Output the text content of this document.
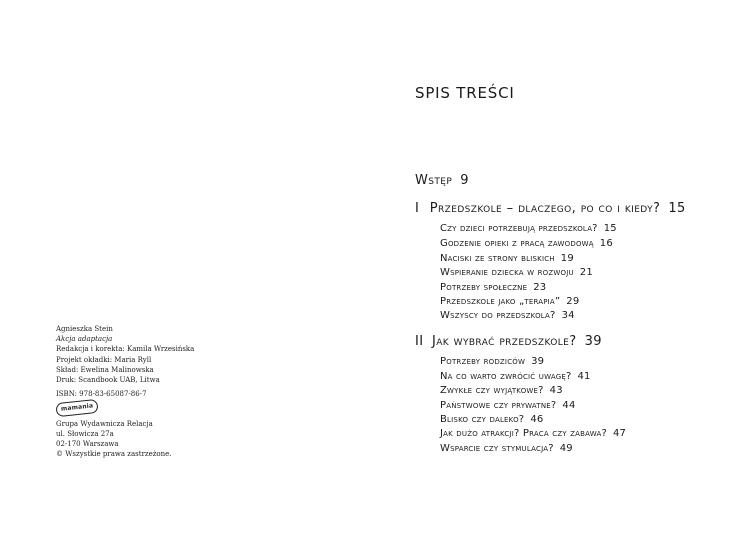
SPIS TREŚCI
Wstęp 9
I Przedszkole – dlaczego, po co i kiedy? 15
Czy dzieci potrzebują przedszkola? 15
Godzenie opieki z pracą zawodową 16
Naciski ze strony bliskich 19
Wspieranie dziecka w rozwoju 21
Potrzeby społeczne 23
Przedszkole jako „terapia” 29
Wszyscy do przedszkola? 34
II Jak wybrać przedszkole? 39
Potrzeby rodziców 39
Na co warto zwrócić uwagę? 41
Zwykłe czy wyjątkowe? 43
Państwowe czy prywatne? 44
Blisko czy daleko? 46
Jak dużo atrakcji? Praca czy zabawa? 47
Wsparcie czy stymulacja? 49
Agnieszka Stein
Akcja adaptacja
Redakcja i korekta: Kamila Wrzesińska
Projekt okładki: Maria Ryll
Skład: Ewelina Malinowska
Druk: Scandbook UAB, Litwa
ISBN: 978-83-65087-86-7
mamania
Grupa Wydawnicza Relacja
ul. Słowicza 27a
02-170 Warszawa
© Wszystkie prawa zastrzeżone.
